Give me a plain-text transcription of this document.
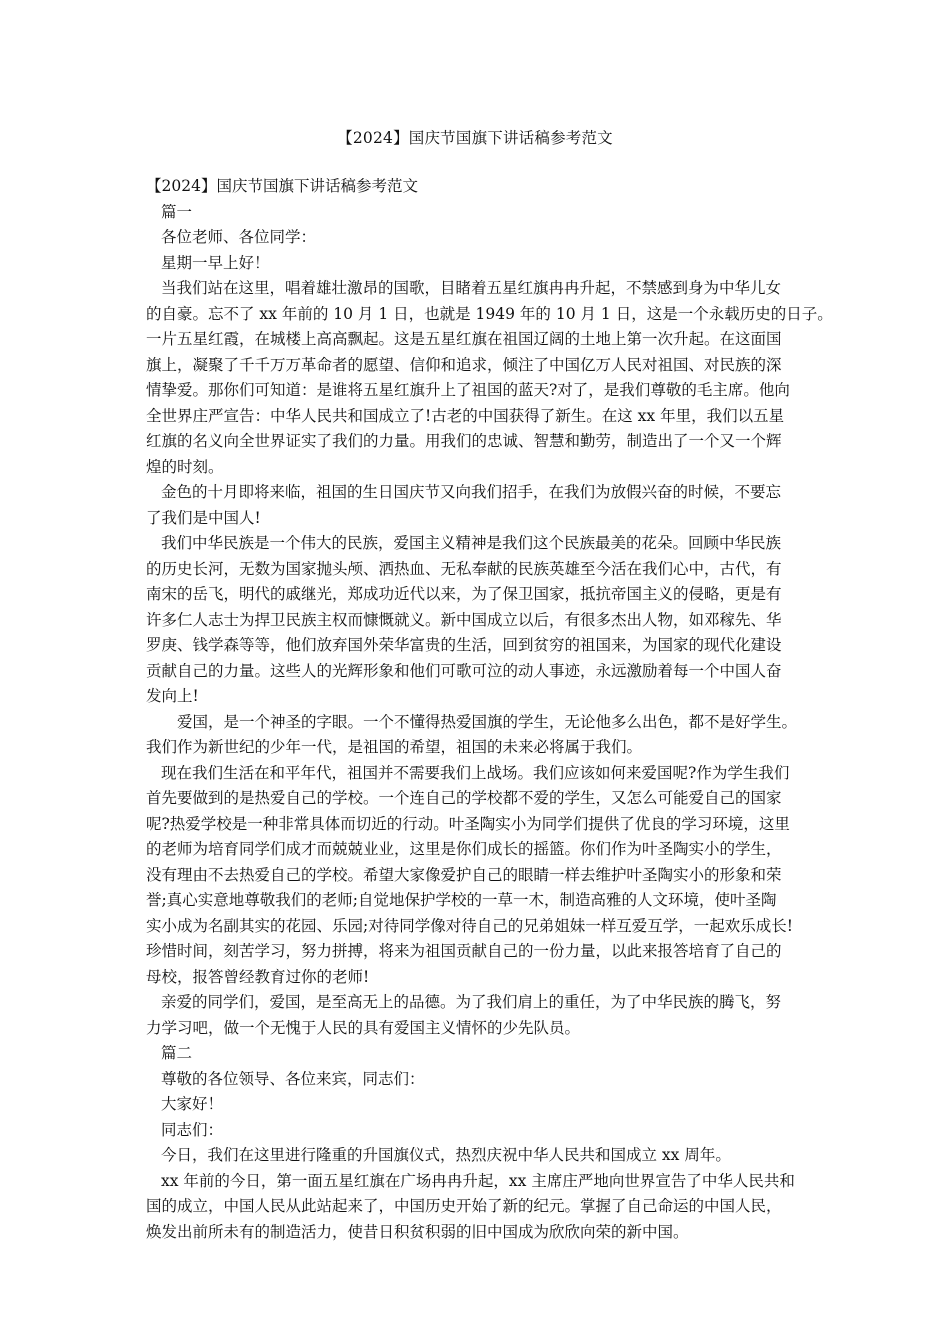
【2024】国庆节国旗下讲话稿参考范文

【2024】国庆节国旗下讲话稿参考范文

篇一

各位老师、各位同学：

星期一早上好！

当我们站在这里，唱着雄壮激昂的国歌，目睹着五星红旗冉冉升起，不禁感到身为中华儿女

的自豪。忘不了 xx 年前的 10 月 1 日，也就是 1949 年的 10 月 1 日，这是一个永载历史的日子。

一片五星红霞，在城楼上高高飘起。这是五星红旗在祖国辽阔的土地上第一次升起。在这面国

旗上，凝聚了千千万万革命者的愿望、信仰和追求，倾注了中国亿万人民对祖国、对民族的深

情挚爱。那你们可知道：是谁将五星红旗升上了祖国的蓝天?对了，是我们尊敬的毛主席。他向

全世界庄严宣告：中华人民共和国成立了!古老的中国获得了新生。在这 xx 年里，我们以五星

红旗的名义向全世界证实了我们的力量。用我们的忠诚、智慧和勤劳，制造出了一个又一个辉

煌的时刻。

金色的十月即将来临，祖国的生日国庆节又向我们招手，在我们为放假兴奋的时候，不要忘

了我们是中国人!

我们中华民族是一个伟大的民族，爱国主义精神是我们这个民族最美的花朵。回顾中华民族

的历史长河，无数为国家抛头颅、洒热血、无私奉献的民族英雄至今活在我们心中，古代，有

南宋的岳飞，明代的戚继光，郑成功近代以来，为了保卫国家，抵抗帝国主义的侵略，更是有

许多仁人志士为捍卫民族主权而慷慨就义。新中国成立以后，有很多杰出人物，如邓稼先、华

罗庚、钱学森等等，他们放弃国外荣华富贵的生活，回到贫穷的祖国来，为国家的现代化建设

贡献自己的力量。这些人的光辉形象和他们可歌可泣的动人事迹，永远激励着每一个中国人奋

发向上!

爱国，是一个神圣的字眼。一个不懂得热爱国旗的学生，无论他多么出色，都不是好学生。

我们作为新世纪的少年一代，是祖国的希望，祖国的未来必将属于我们。

现在我们生活在和平年代，祖国并不需要我们上战场。我们应该如何来爱国呢?作为学生我们

首先要做到的是热爱自己的学校。一个连自己的学校都不爱的学生，又怎么可能爱自己的国家

呢?热爱学校是一种非常具体而切近的行动。叶圣陶实小为同学们提供了优良的学习环境，这里

的老师为培育同学们成才而兢兢业业，这里是你们成长的摇篮。你们作为叶圣陶实小的学生，

没有理由不去热爱自己的学校。希望大家像爱护自己的眼睛一样去维护叶圣陶实小的形象和荣

誉;真心实意地尊敬我们的老师;自觉地保护学校的一草一木，制造高雅的人文环境，使叶圣陶

实小成为名副其实的花园、乐园;对待同学像对待自己的兄弟姐妹一样互爱互学，一起欢乐成长!

珍惜时间，刻苦学习，努力拼搏，将来为祖国贡献自己的一份力量，以此来报答培育了自己的

母校，报答曾经教育过你的老师!

亲爱的同学们，爱国，是至高无上的品德。为了我们肩上的重任，为了中华民族的腾飞，努

力学习吧，做一个无愧于人民的具有爱国主义情怀的少先队员。

篇二

尊敬的各位领导、各位来宾，同志们：

大家好！

同志们：

今日，我们在这里进行隆重的升国旗仪式，热烈庆祝中华人民共和国成立 xx 周年。

xx 年前的今日，第一面五星红旗在广场冉冉升起，xx 主席庄严地向世界宣告了中华人民共和

国的成立，中国人民从此站起来了，中国历史开始了新的纪元。掌握了自己命运的中国人民，

焕发出前所未有的制造活力，使昔日积贫积弱的旧中国成为欣欣向荣的新中国。
